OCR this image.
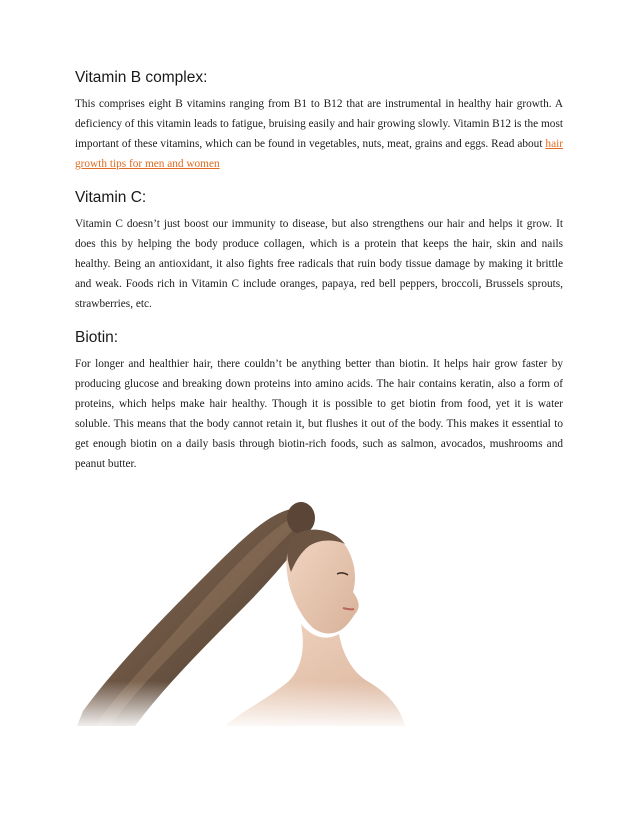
Vitamin B complex:

This comprises eight B vitamins ranging from B1 to B12 that are instrumental in healthy hair growth. A deficiency of this vitamin leads to fatigue, bruising easily and hair growing slowly. Vitamin B12 is the most important of these vitamins, which can be found in vegetables, nuts, meat, grains and eggs. Read about hair growth tips for men and women

Vitamin C:

Vitamin C doesn’t just boost our immunity to disease, but also strengthens our hair and helps it grow. It does this by helping the body produce collagen, which is a protein that keeps the hair, skin and nails healthy. Being an antioxidant, it also fights free radicals that ruin body tissue damage by making it brittle and weak. Foods rich in Vitamin C include oranges, papaya, red bell peppers, broccoli, Brussels sprouts, strawberries, etc.

Biotin:

For longer and healthier hair, there couldn’t be anything better than biotin. It helps hair grow faster by producing glucose and breaking down proteins into amino acids. The hair contains keratin, also a form of proteins, which helps make hair healthy. Though it is possible to get biotin from food, yet it is water soluble. This means that the body cannot retain it, but flushes it out of the body. This makes it essential to get enough biotin on a daily basis through biotin-rich foods, such as salmon, avocados, mushrooms and peanut butter.
